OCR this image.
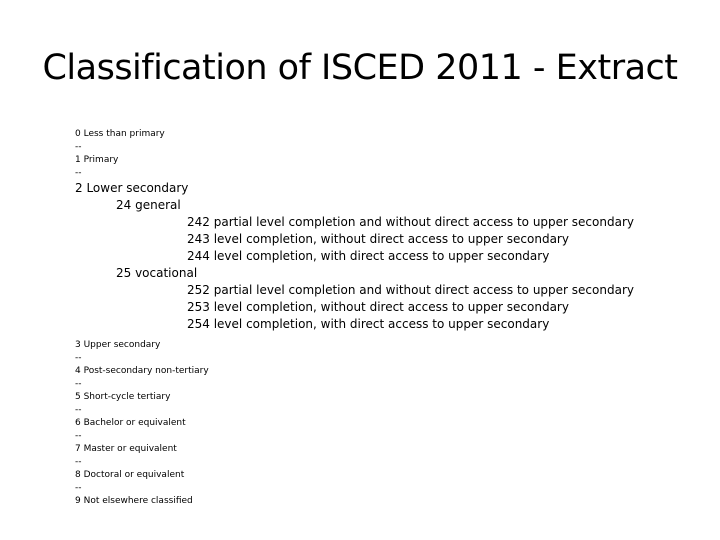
Classification of ISCED 2011 - Extract
0 Less than primary
--
1 Primary
--
2 Lower secondary
24 general
242 partial level completion and without direct access to upper secondary
243 level completion, without direct access to upper secondary
244 level completion, with direct access to upper secondary
25 vocational
252 partial level completion and without direct access to upper secondary
253 level completion, without direct access to upper secondary
254 level completion, with direct access to upper secondary
3 Upper secondary
--
4 Post-secondary non-tertiary
--
5 Short-cycle tertiary
--
6 Bachelor or equivalent
--
7 Master or equivalent
--
8 Doctoral or equivalent
--
9 Not elsewhere classified
